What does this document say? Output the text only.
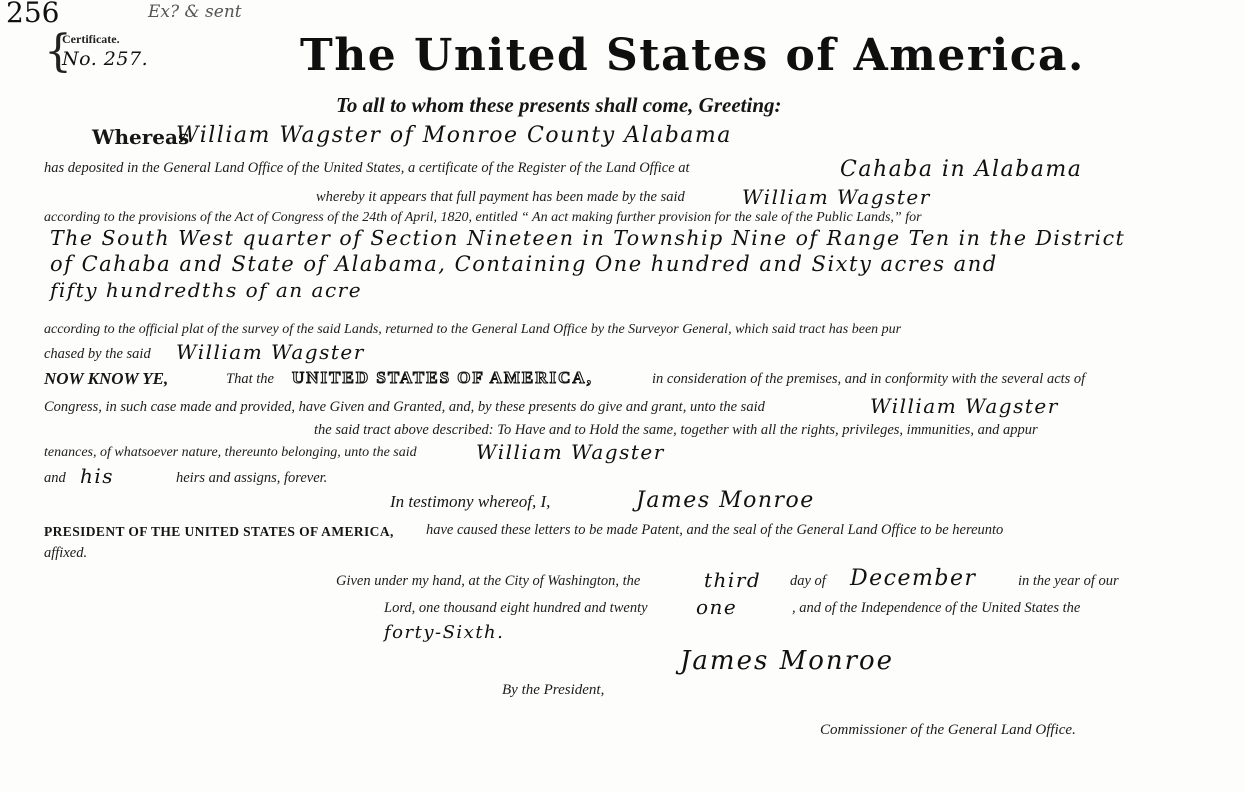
256	Ex? & sent
{
Certificate.
No. 257.	The United States of America.
To all to whom these presents shall come, Greeting:
Whereas
William Wagster of Monroe County Alabama
has deposited in the General Land Office of the United States, a certificate of the Register of the Land Office at	Cahaba in Alabama
whereby it appears that full payment has been made by the said	William Wagster
according to the provisions of the Act of Congress of the 24th of April, 1820, entitled “ An act making further provision for the sale of the Public Lands,” for
The South West quarter of Section Nineteen in Township Nine of Range Ten in the District
of Cahaba and State of Alabama, Containing One hundred and Sixty acres and
fifty hundredths of an acre
according to the official plat of the survey of the said Lands, returned to the General Land Office by the Surveyor General, which said tract has been pur
chased by the said William Wagster
NOW KNOW YE,	That the UNITED STATES OF AMERICA,	in consideration of the premises, and in conformity with the several acts of
Congress, in such case made and provided, have Given and Granted, and, by these presents do give and grant, unto the said	William Wagster
the said tract above described: To Have and to Hold the same, together with all the rights, privileges, immunities, and appur
tenances, of whatsoever nature, thereunto belonging, unto the said	William Wagster
and his	heirs and assigns, forever.
In testimony whereof, I,	James Monroe
PRESIDENT OF THE UNITED STATES OF AMERICA, have caused these letters to be made Patent, and the seal of the General Land Office to be hereunto
affixed.
Given under my hand, at the City of Washington, the	third day of December	in the year of our
Lord, one thousand eight hundred and twenty one	, and of the Independence of the United States the
forty-Sixth.
James Monroe
By the President,
Commissioner of the General Land Office.
